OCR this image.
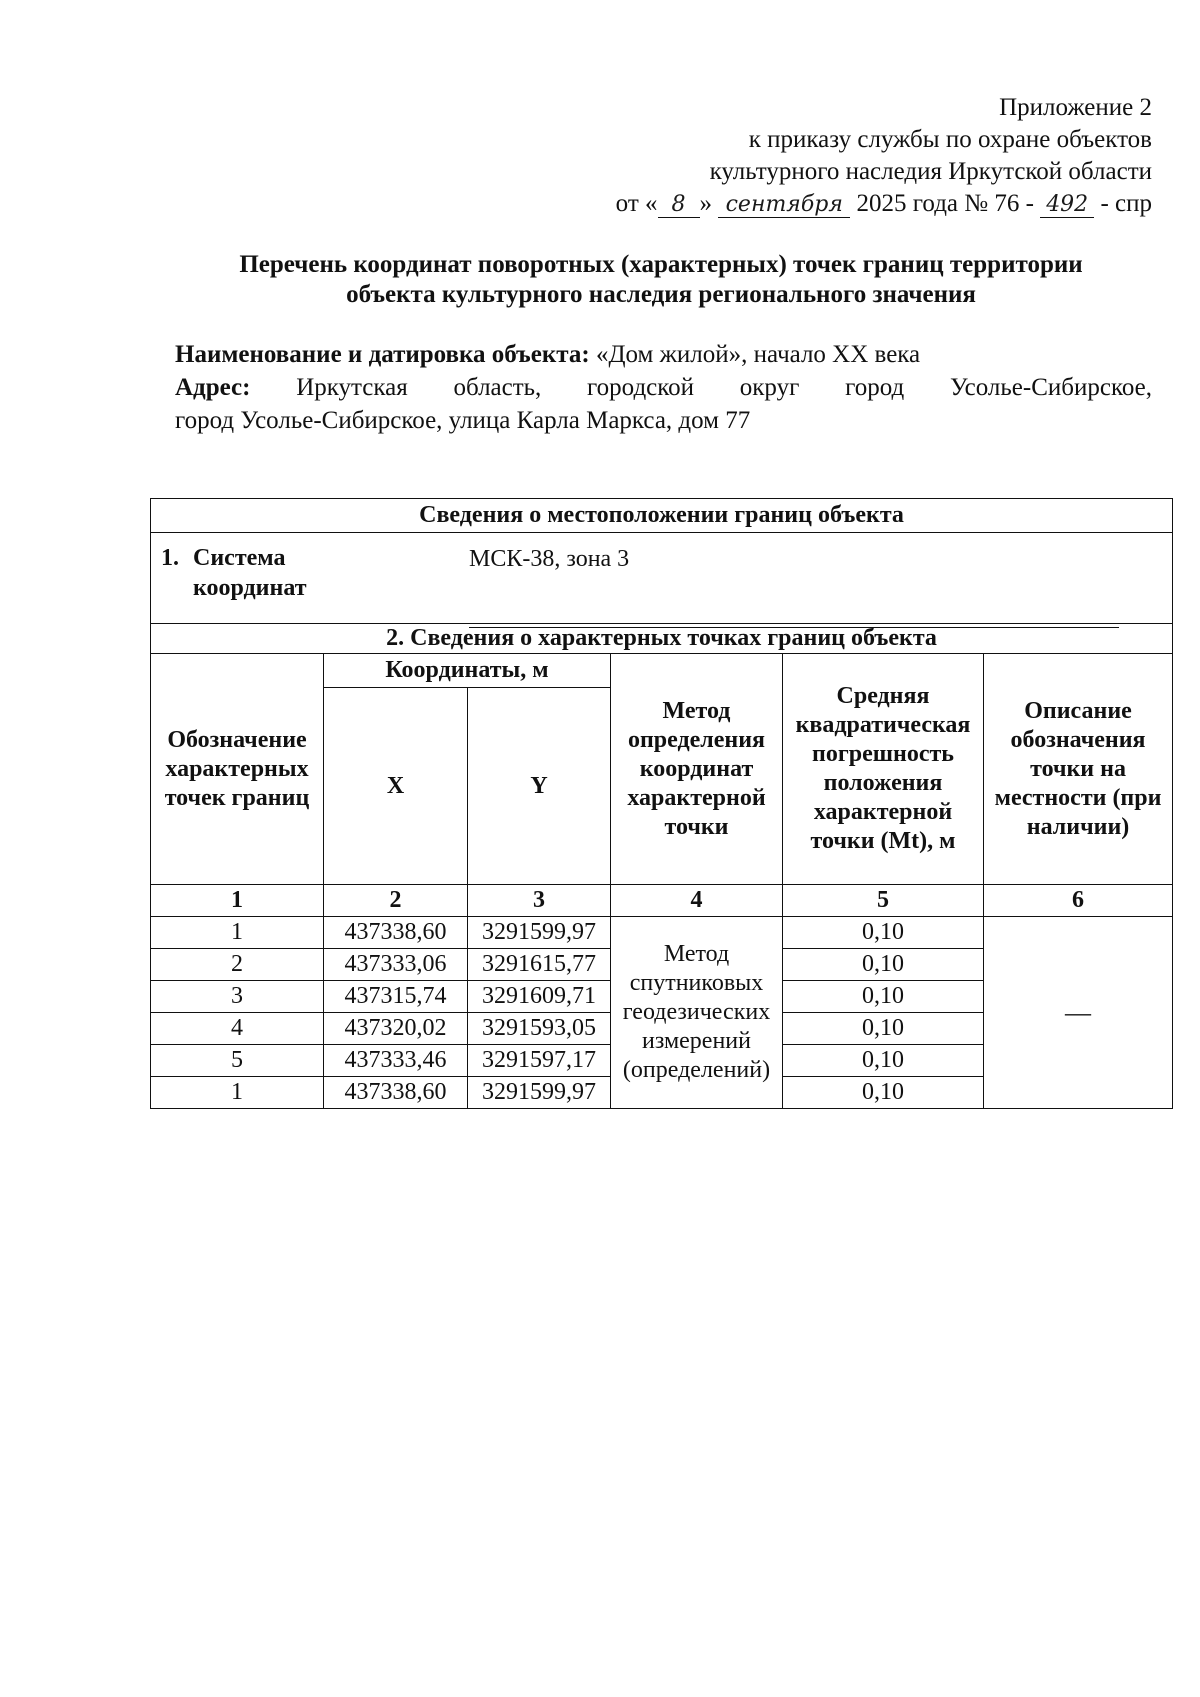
Приложение 2
к приказу службы по охране объектов
культурного наследия Иркутской области
от « 8 » сентября 2025 года № 76 - 492 - спр
Перечень координат поворотных (характерных) точек границ территории
объекта культурного наследия регионального значения
Наименование и датировка объекта: «Дом жилой», начало XX века
Адрес: Иркутская область, городской округ город Усолье-Сибирское,
город Усолье-Сибирское, улица Карла Маркса, дом 77
Сведения о местоположении границ объекта					

1. Система
координат
МСК-38, зона 3					

2. Сведения о характерных точках границ объекта					
Обозначение характерных точек границ	Координаты, м		Метод определения координат характерной точки	Средняя квадратическая погрешность положения характерной точки (Mt), м	Описание обозначения точки на местности (при наличии)
	X	Y			
1	2	3	4	5	6
1	437338,60	3291599,97	Метод спутниковых геодезических измерений (определений)	0,10	—
2	437333,06	3291615,77		0,10	
3	437315,74	3291609,71		0,10	
4	437320,02	3291593,05		0,10	
5	437333,46	3291597,17		0,10	
1	437338,60	3291599,97		0,10	
